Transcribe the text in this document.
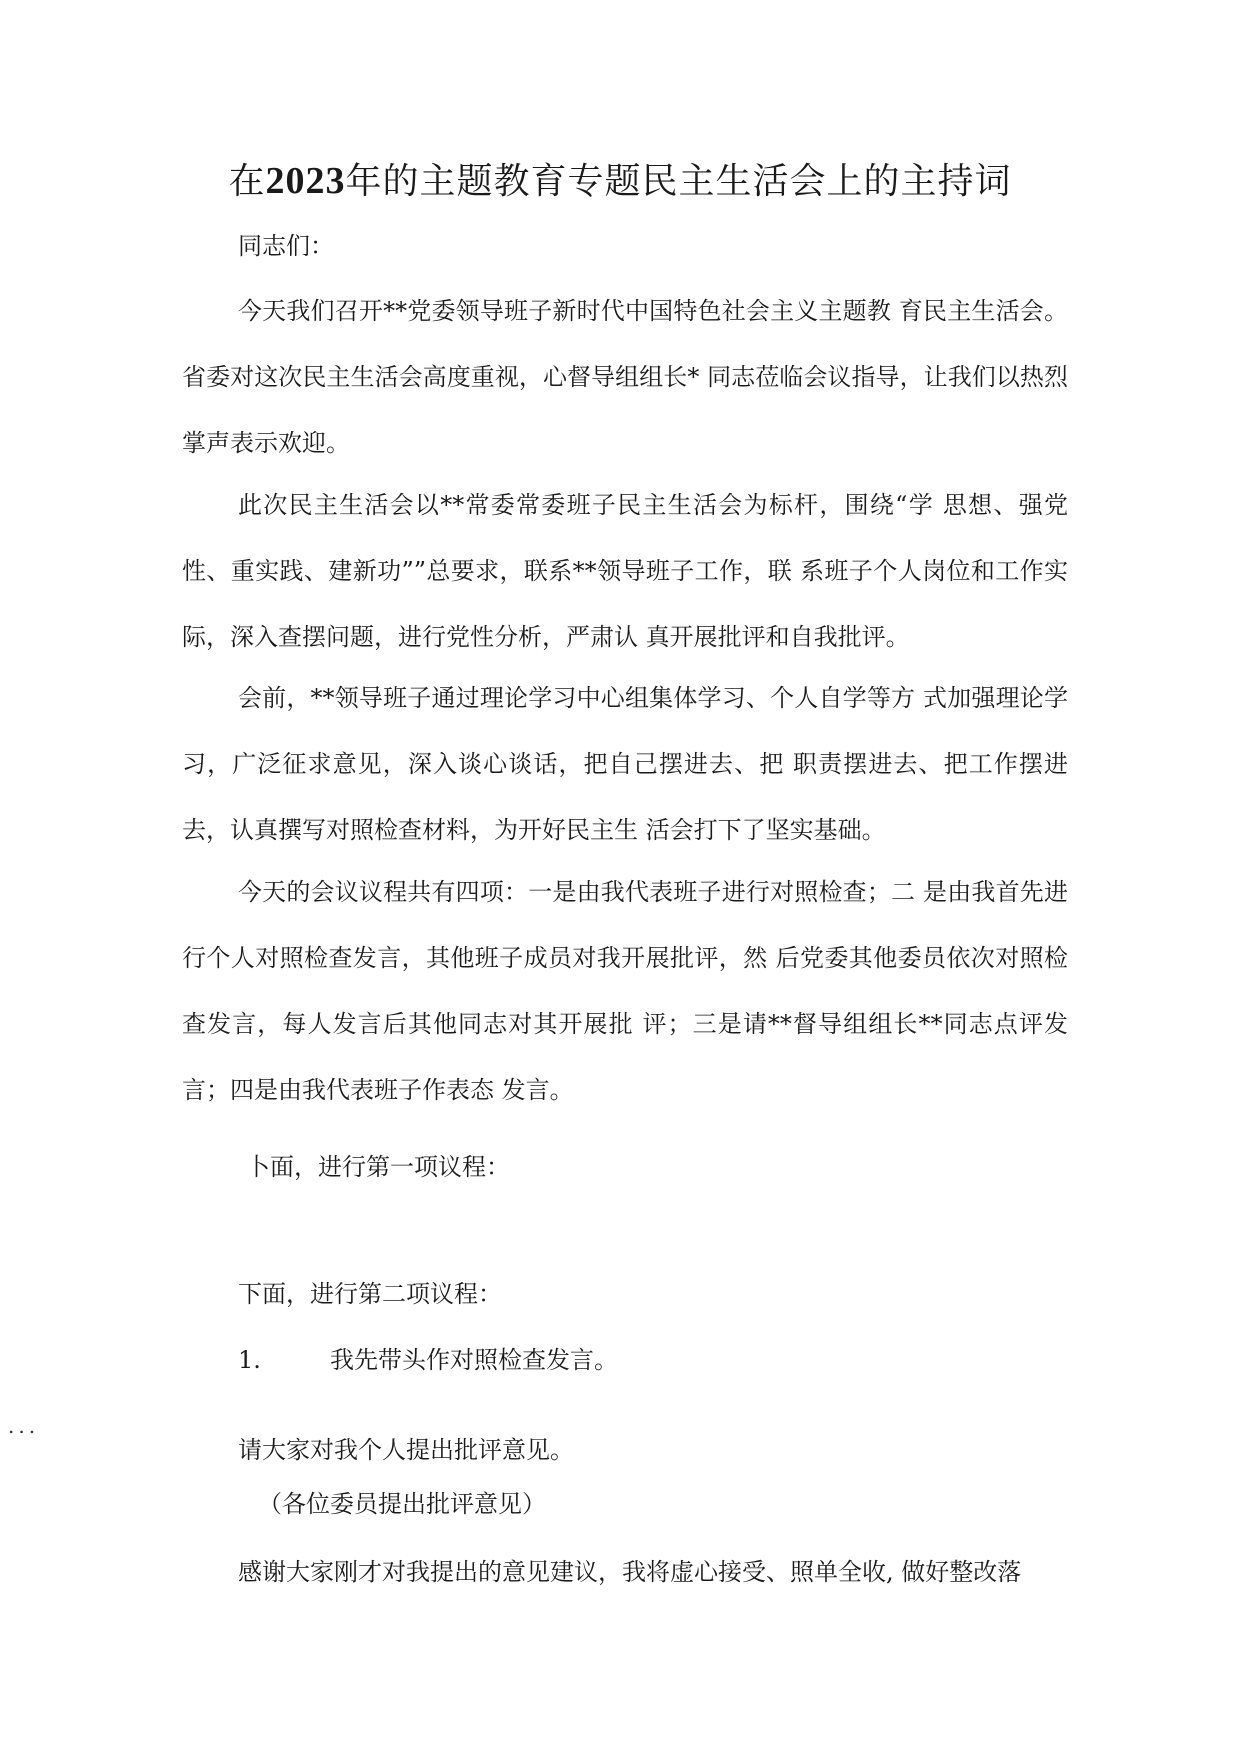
在2023年的主题教育专题民主生活会上的主持词

同志们：

今天我们召开**党委领导班子新时代中国特色社会主义主题教 育民主生活会。省委对这次民主生活会高度重视，心督导组组长* 同志莅临会议指导，让我们以热烈掌声表示欢迎。

此次民主生活会以**常委常委班子民主生活会为标杆，围绕“学 思想、强党性、重实践、建新功””总要求，联系**领导班子工作，联 系班子个人岗位和工作实际，深入查摆问题，进行党性分析，严肃认 真开展批评和自我批评。

会前，**领导班子通过理论学习中心组集体学习、个人自学等方 式加强理论学习，广泛征求意见，深入谈心谈话，把自己摆进去、把 职责摆进去、把工作摆进去，认真撰写对照检查材料，为开好民主生 活会打下了坚实基础。

今天的会议议程共有四项：一是由我代表班子进行对照检查；二 是由我首先进行个人对照检查发言，其他班子成员对我开展批评，然 后党委其他委员依次对照检查发言，每人发言后其他同志对其开展批 评；三是请**督导组组长**同志点评发言；四是由我代表班子作表态 发言。

卜面，进行第一项议程：

下面，进行第二项议程：

1.	我先带头作对照检查发言。

...

请大家对我个人提出批评意见。

（各位委员提出批评意见）

感谢大家刚才对我提出的意见建议，我将虚心接受、照单全收, 做好整改落
